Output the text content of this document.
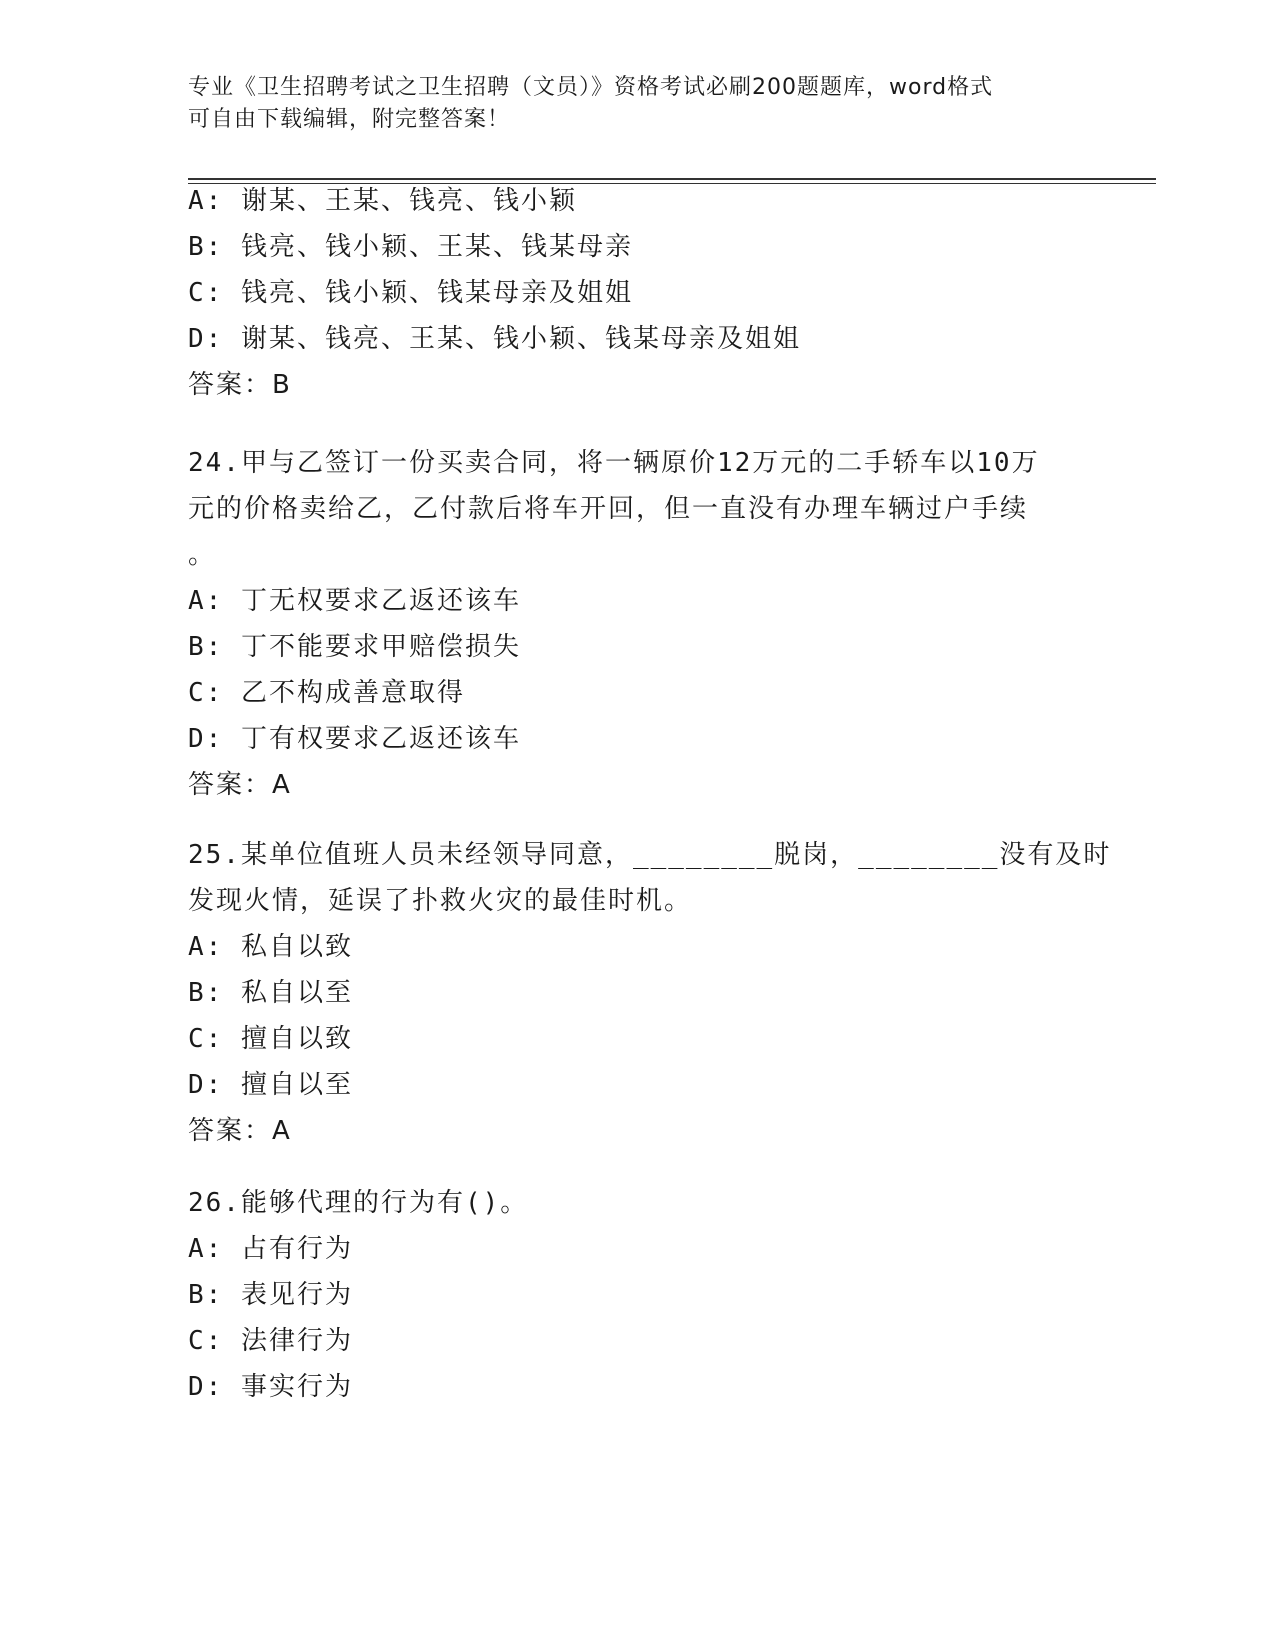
专业《卫生招聘考试之卫生招聘（文员）》资格考试必刷200题题库，word格式
可自由下载编辑，附完整答案！
A: 谢某、王某、钱亮、钱小颖
B: 钱亮、钱小颖、王某、钱某母亲
C: 钱亮、钱小颖、钱某母亲及姐姐
D: 谢某、钱亮、王某、钱小颖、钱某母亲及姐姐
答案：B
24.甲与乙签订一份买卖合同，将一辆原价12万元的二手轿车以10万
元的价格卖给乙，乙付款后将车开回，但一直没有办理车辆过户手续
。
A: 丁无权要求乙返还该车
B: 丁不能要求甲赔偿损失
C: 乙不构成善意取得
D: 丁有权要求乙返还该车
答案：A
25.某单位值班人员未经领导同意，________脱岗，________没有及时
发现火情，延误了扑救火灾的最佳时机。
A: 私自以致
B: 私自以至
C: 擅自以致
D: 擅自以至
答案：A
26.能够代理的行为有()。
A: 占有行为
B: 表见行为
C: 法律行为
D: 事实行为
